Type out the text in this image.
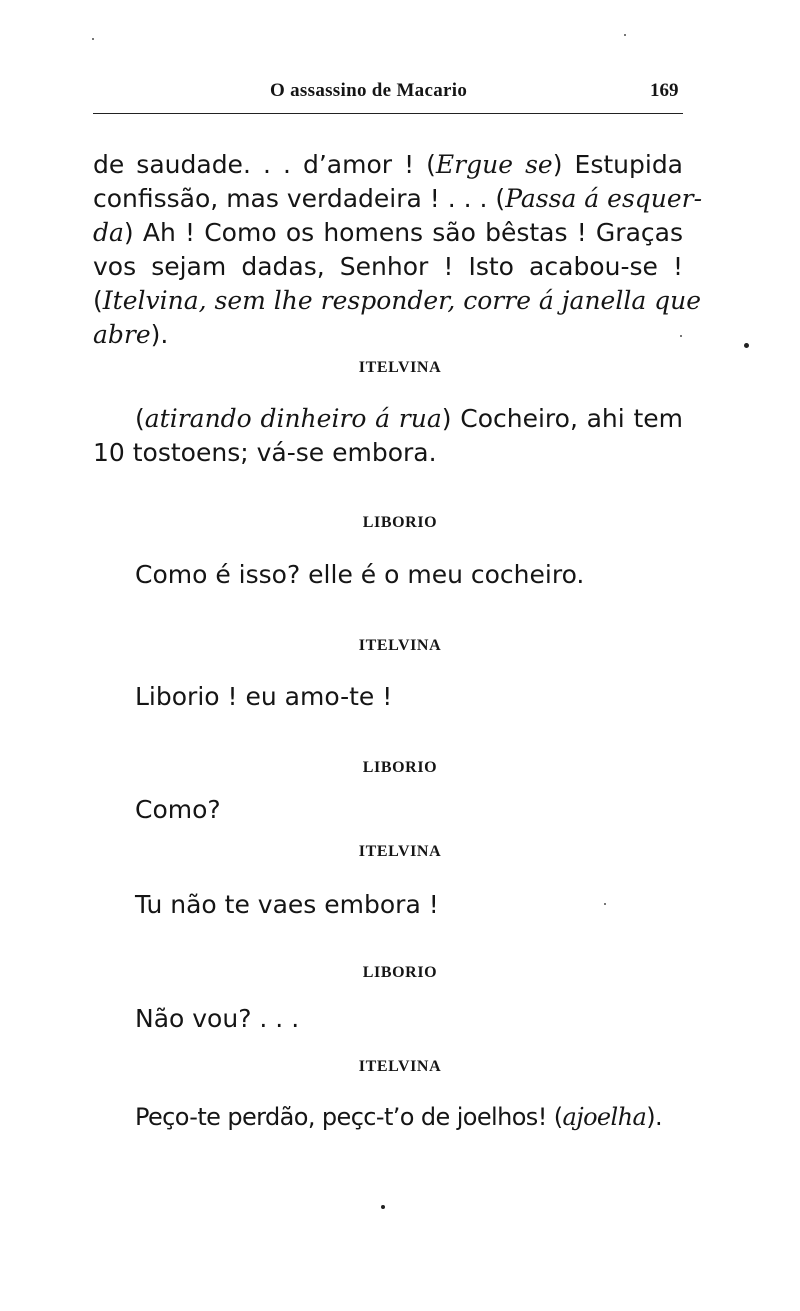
O assassino de Macario	169
de saudade. . . d’amor ! (Ergue se) Estupida
confissão, mas verdadeira ! . . . (Passa á esquer-
da) Ah ! Como os homens são bêstas ! Graças
vos sejam dadas, Senhor ! Isto acabou-se !
(Itelvina, sem lhe responder, corre á janella que
abre).
ITELVINA
(atirando dinheiro á rua) Cocheiro, ahi tem
10 tostoens; vá-se embora.
LIBORIO
Como é isso? elle é o meu cocheiro.
ITELVINA
Liborio ! eu amo-te !
LIBORIO
Como?
ITELVINA
Tu não te vaes embora !
LIBORIO
Não vou? . . .
ITELVINA
Peço-te perdão, peçc-t’o de joelhos! (ajoelha).
